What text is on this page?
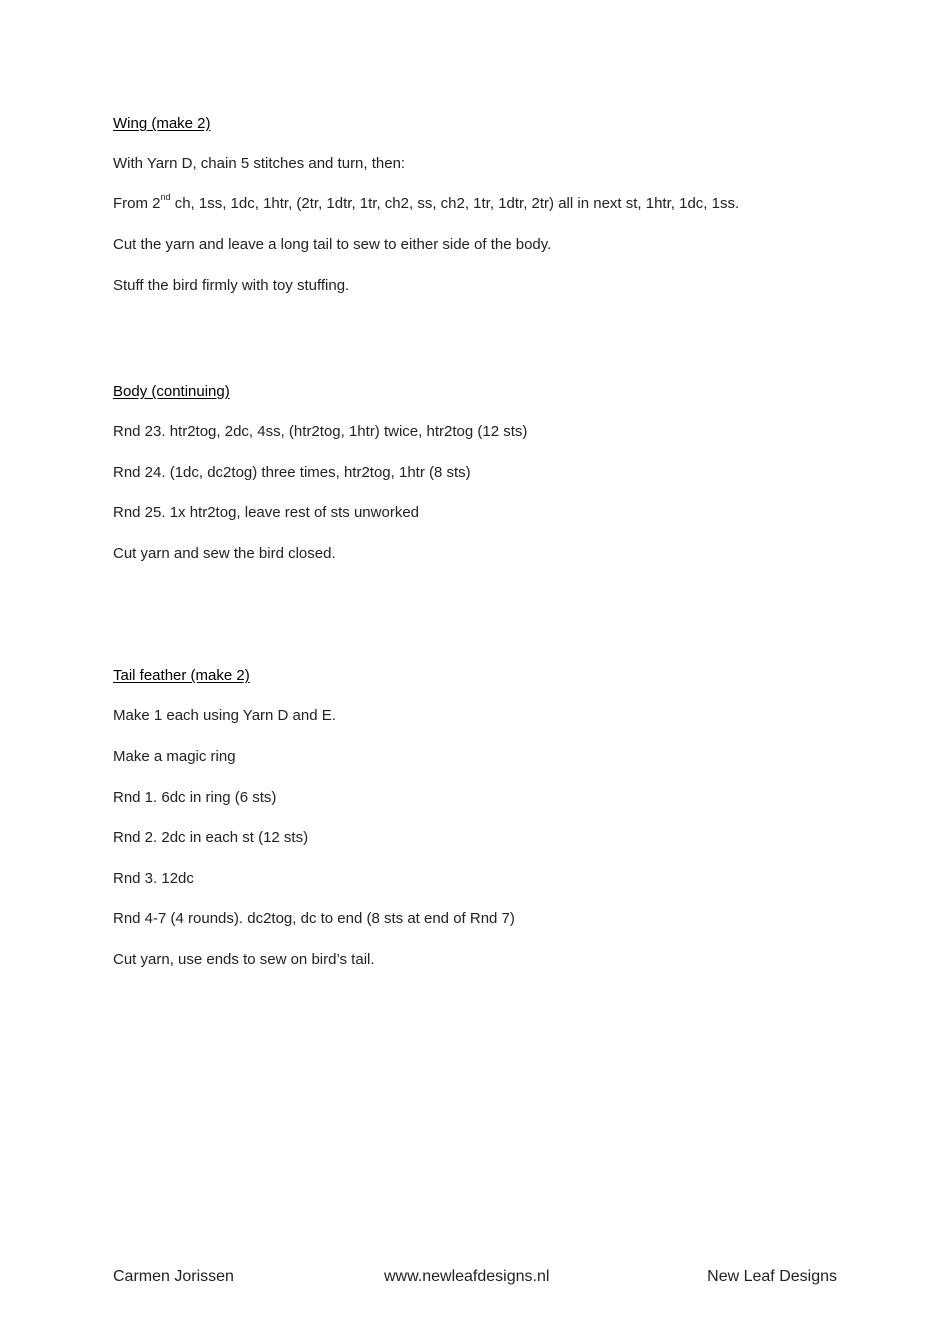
Wing (make 2)
With Yarn D, chain 5 stitches and turn, then:
From 2nd ch, 1ss, 1dc, 1htr, (2tr, 1dtr, 1tr, ch2, ss, ch2, 1tr, 1dtr, 2tr) all in next st, 1htr, 1dc, 1ss.
Cut the yarn and leave a long tail to sew to either side of the body.
Stuff the bird firmly with toy stuffing.
Body (continuing)
Rnd 23. htr2tog, 2dc, 4ss, (htr2tog, 1htr) twice, htr2tog (12 sts)
Rnd 24. (1dc, dc2tog) three times, htr2tog, 1htr (8 sts)
Rnd 25. 1x htr2tog, leave rest of sts unworked
Cut yarn and sew the bird closed.
Tail feather (make 2)
Make 1 each using Yarn D and E.
Make a magic ring
Rnd 1. 6dc in ring (6 sts)
Rnd 2. 2dc in each st (12 sts)
Rnd 3. 12dc
Rnd 4-7 (4 rounds). dc2tog, dc to end (8 sts at end of Rnd 7)
Cut yarn, use ends to sew on bird’s tail.
Carmen Jorissen	www.newleafdesigns.nl	New Leaf Designs
